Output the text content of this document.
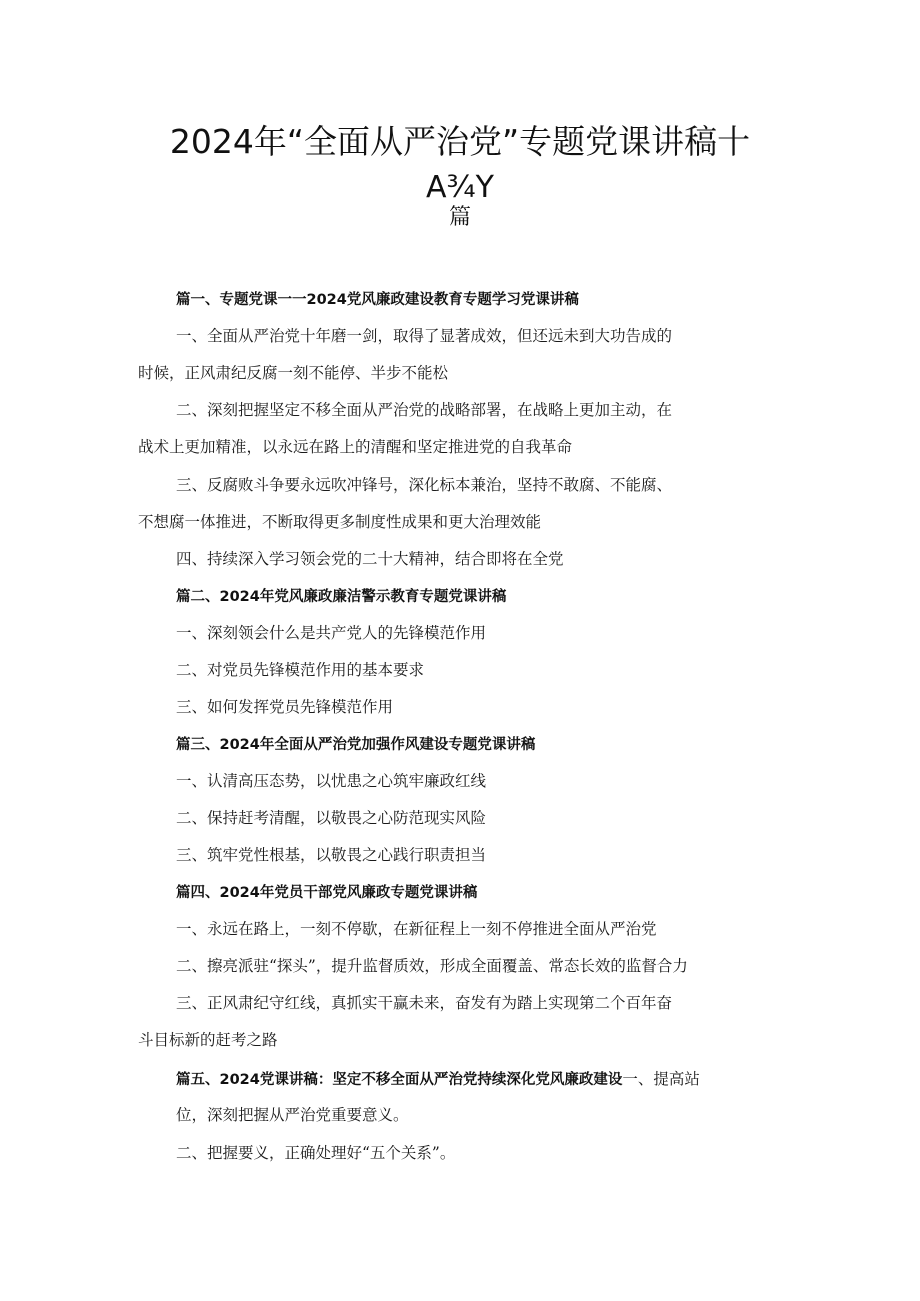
2024年“全面从严治党”专题党课讲稿十
A¾Y
篇
篇一、专题党课一一2024党风廉政建设教育专题学习党课讲稿
一、全面从严治党十年磨一剑，取得了显著成效，但还远未到大功告成的
时候，正风肃纪反腐一刻不能停、半步不能松
二、深刻把握坚定不移全面从严治党的战略部署，在战略上更加主动，在
战术上更加精准，以永远在路上的清醒和坚定推进党的自我革命
三、反腐败斗争要永远吹冲锋号，深化标本兼治，坚持不敢腐、不能腐、
不想腐一体推进，不断取得更多制度性成果和更大治理效能
四、持续深入学习领会党的二十大精神，结合即将在全党
篇二、2024年党风廉政廉洁警示教育专题党课讲稿
一、深刻领会什么是共产党人的先锋模范作用
二、对党员先锋模范作用的基本要求
三、如何发挥党员先锋模范作用
篇三、2024年全面从严治党加强作风建设专题党课讲稿
一、认清高压态势，以忧患之心筑牢廉政红线
二、保持赶考清醒，以敬畏之心防范现实风险
三、筑牢党性根基，以敬畏之心践行职责担当
篇四、2024年党员干部党风廉政专题党课讲稿
一、永远在路上，一刻不停歇，在新征程上一刻不停推进全面从严治党
二、擦亮派驻“探头”，提升监督质效，形成全面覆盖、常态长效的监督合力
三、正风肃纪守红线，真抓实干赢未来，奋发有为踏上实现第二个百年奋
斗目标新的赶考之路
篇五、2024党课讲稿：坚定不移全面从严治党持续深化党风廉政建设一、提高站
位，深刻把握从严治党重要意义。
二、把握要义，正确处理好“五个关系”。
